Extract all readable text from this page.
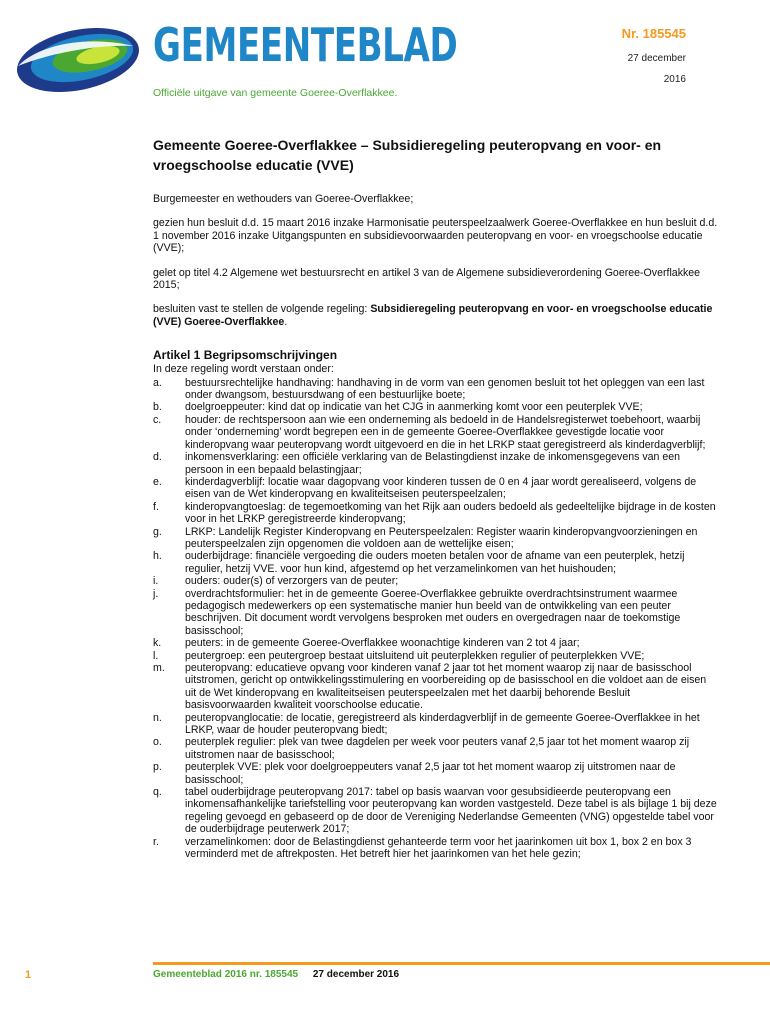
GEMEENTEBLAD
Officiële uitgave van gemeente Goeree-Overflakkee.
Nr. 185545
27 december
2016
Gemeente Goeree-Overflakkee – Subsidieregeling peuteropvang en voor- en vroegschoolse educatie (VVE)

Burgemeester en wethouders van Goeree-Overflakkee;

gezien hun besluit d.d. 15 maart 2016 inzake Harmonisatie peuterspeelzaalwerk Goeree-Overflakkee en hun besluit d.d. 1 november 2016 inzake Uitgangspunten en subsidievoorwaarden peuteropvang en voor- en vroegschoolse educatie (VVE);

gelet op titel 4.2 Algemene wet bestuursrecht en artikel 3 van de Algemene subsidieverordening Goeree-Overflakkee 2015;

besluiten vast te stellen de volgende regeling: Subsidieregeling peuteropvang en voor- en vroegschoolse educatie (VVE) Goeree-Overflakkee.

Artikel 1 Begripsomschrijvingen
In deze regeling wordt verstaan onder:
a.	bestuursrechtelijke handhaving: handhaving in de vorm van een genomen besluit tot het opleggen van een last onder dwangsom, bestuursdwang of een bestuurlijke boete;
b.	doelgroeppeuter: kind dat op indicatie van het CJG in aanmerking komt voor een peuterplek VVE;
c.	houder: de rechtspersoon aan wie een onderneming als bedoeld in de Handelsregisterwet toebehoort, waarbij onder ‘onderneming’ wordt begrepen een in de gemeente Goeree-Overflakkee gevestigde locatie voor kinderopvang waar peuteropvang wordt uitgevoerd en die in het LRKP staat geregistreerd als kinderdagverblijf;
d.	inkomensverklaring: een officiële verklaring van de Belastingdienst inzake de inkomensgegevens van een persoon in een bepaald belastingjaar;
e.	kinderdagverblijf: locatie waar dagopvang voor kinderen tussen de 0 en 4 jaar wordt gerealiseerd, volgens de eisen van de Wet kinderopvang en kwaliteitseisen peuterspeelzalen;
f.	kinderopvangtoeslag: de tegemoetkoming van het Rijk aan ouders bedoeld als gedeeltelijke bijdrage in de kosten voor in het LRKP geregistreerde kinderopvang;
g.	LRKP: Landelijk Register Kinderopvang en Peuterspeelzalen: Register waarin kinderopvangvoorzieningen en peuterspeelzalen zijn opgenomen die voldoen aan de wettelijke eisen;
h.	ouderbijdrage: financiële vergoeding die ouders moeten betalen voor de afname van een peuterplek, hetzij regulier, hetzij VVE. voor hun kind, afgestemd op het verzamelinkomen van het huishouden;
i.	ouders: ouder(s) of verzorgers van de peuter;
j.	overdrachtsformulier: het in de gemeente Goeree-Overflakkee gebruikte overdrachtsinstrument waarmee pedagogisch medewerkers op een systematische manier hun beeld van de ontwikkeling van een peuter beschrijven. Dit document wordt vervolgens besproken met ouders en overgedragen naar de toekomstige basisschool;
k.	peuters: in de gemeente Goeree-Overflakkee woonachtige kinderen van 2 tot 4 jaar;
l.	peutergroep: een peutergroep bestaat uitsluitend uit peuterplekken regulier of peuterplekken VVE;
m.	peuteropvang: educatieve opvang voor kinderen vanaf 2 jaar tot het moment waarop zij naar de basisschool uitstromen, gericht op ontwikkelingsstimulering en voorbereiding op de basisschool en die voldoet aan de eisen uit de Wet kinderopvang en kwaliteitseisen peuterspeelzalen met het daarbij behorende Besluit basisvoorwaarden kwaliteit voorschoolse educatie.
n.	peuteropvanglocatie: de locatie, geregistreerd als kinderdagverblijf in de gemeente Goeree-Overflakkee in het LRKP, waar de houder peuteropvang biedt;
o.	peuterplek regulier: plek van twee dagdelen per week voor peuters vanaf 2,5 jaar tot het moment waarop zij uitstromen naar de basisschool;
p.	peuterplek VVE: plek voor doelgroeppeuters vanaf 2,5 jaar tot het moment waarop zij uitstromen naar de basisschool;
q.	tabel ouderbijdrage peuteropvang 2017: tabel op basis waarvan voor gesubsidieerde peuteropvang een inkomensafhankelijke tariefstelling voor peuteropvang kan worden vastgesteld. Deze tabel is als bijlage 1 bij deze regeling gevoegd en gebaseerd op de door de Vereniging Nederlandse Gemeenten (VNG) opgestelde tabel voor de ouderbijdrage peuterwerk 2017;
r.	verzamelinkomen: door de Belastingdienst gehanteerde term voor het jaarinkomen uit box 1, box 2 en box 3 verminderd met de aftrekposten. Het betreft hier het jaarinkomen van het hele gezin;
1	Gemeenteblad 2016 nr. 185545 27 december 2016
